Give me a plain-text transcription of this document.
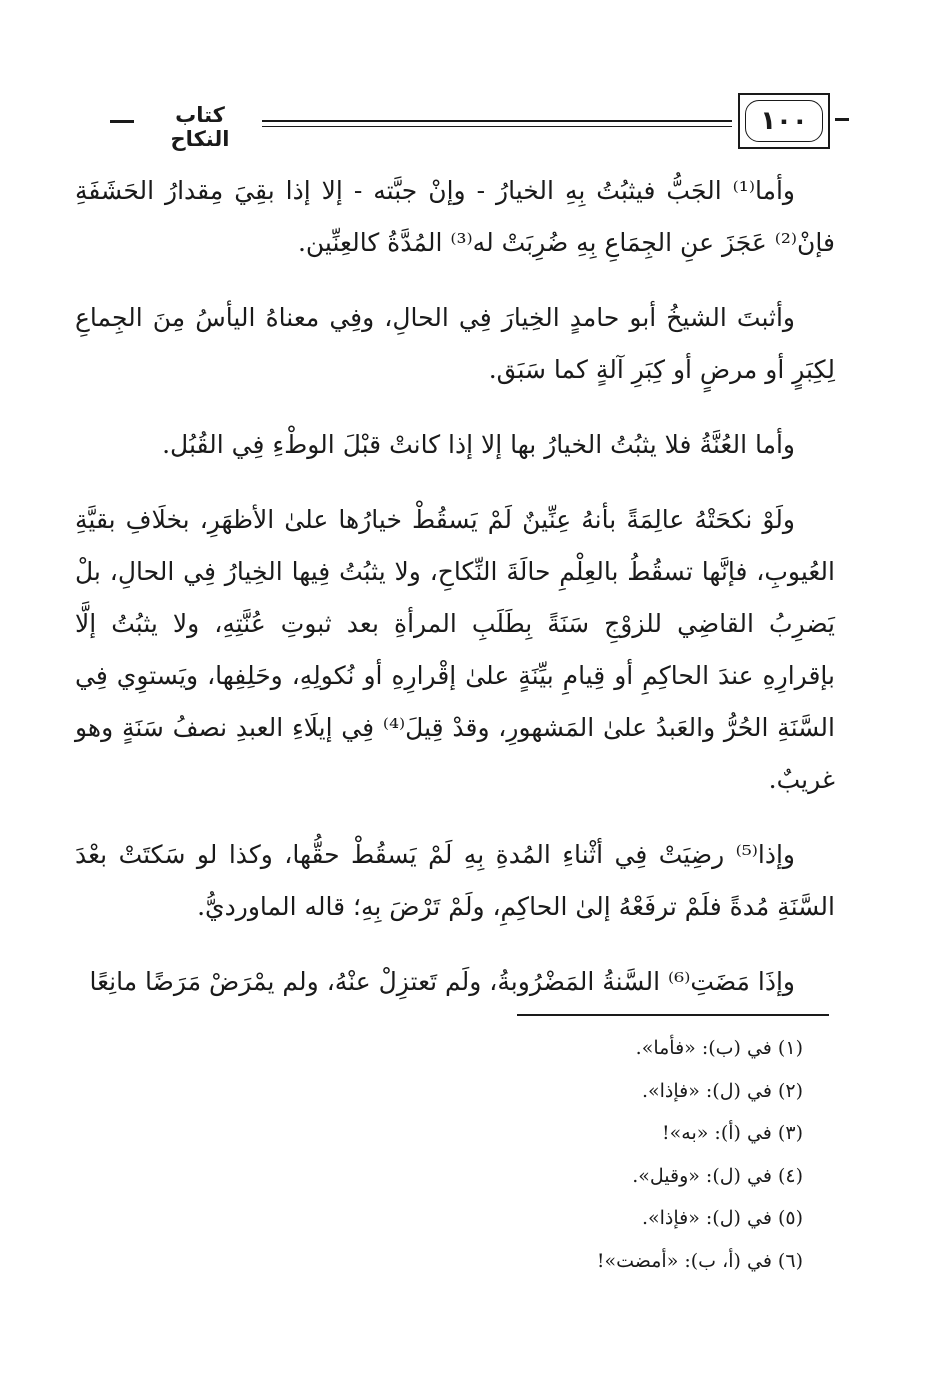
١٠٠
كتاب النكاح

وأما⁽¹⁾ الجَبُّ فيثبُتُ بِهِ الخيارُ - وإنْ جبَّته - إلا إذا بقِيَ مِقدارُ الحَشَفَةِ فإنْ⁽²⁾ عَجَزَ عنِ الجِمَاعِ بِهِ ضُرِبَتْ له⁽³⁾ المُدَّةُ كالعِنِّين.

وأثبتَ الشيخُ أبو حامدٍ الخِيارَ فِي الحالِ، وفِي معناهُ اليأسُ مِنَ الجِماعِ لِكِبَرٍ أو مرضٍ أو كِبَرِ آلةٍ كما سَبَق.

وأما العُنَّةُ فلا يثبُتُ الخيارُ بها إلا إذا كانتْ قبْلَ الوطْءِ فِي القُبُل.

ولَوْ نكحَتْهُ عالِمَةً بأنهُ عِنِّينٌ لَمْ يَسقُطْ خيارُها علىٰ الأظهَرِ، بخلَافِ بقيَّةِ العُيوبِ، فإنَّها تسقُطُ بالعِلْمِ حالَةَ النِّكاحِ، ولا يثبُتُ فِيها الخِيارُ فِي الحالِ، بلْ يَضرِبُ القاضِي للزوْجِ سَنَةً بِطَلَبِ المرأةِ بعد ثبوتِ عُنَّتِهِ، ولا يثبُتُ إلَّا بإقرارِهِ عندَ الحاكِمِ أو قِيامِ بيِّنَةٍ علىٰ إقْرارِهِ أو نُكولِهِ، وحَلِفِها، ويَستوِي فِي السَّنَةِ الحُرُّ والعَبدُ علىٰ المَشهورِ، وقدْ قِيلَ⁽⁴⁾ فِي إيلَاءِ العبدِ نصفُ سَنَةٍ وهو غريبٌ.

وإذا⁽⁵⁾ رضِيَتْ فِي أثْناءِ المُدةِ بِهِ لَمْ يَسقُطْ حقُّها، وكذا لو سَكتَتْ بعْدَ السَّنَةِ مُدةً فلَمْ ترفَعْهُ إلىٰ الحاكِمِ، ولَمْ تَرْضَ بِهِ؛ قاله الماورديُّ.

وإذَا مَضَتِ⁽⁶⁾ السَّنةُ المَضْرُوبةُ، ولَم تَعتزِلْ عنْهُ، ولم يمْرَضْ مَرَضًا مانِعًا

(١) في (ب): «فأما».
(٢) في (ل): «فإذا».
(٣) في (أ): «به»!
(٤) في (ل): «وقيل».
(٥) في (ل): «فإذا».
(٦) في (أ، ب): «أمضت»!
